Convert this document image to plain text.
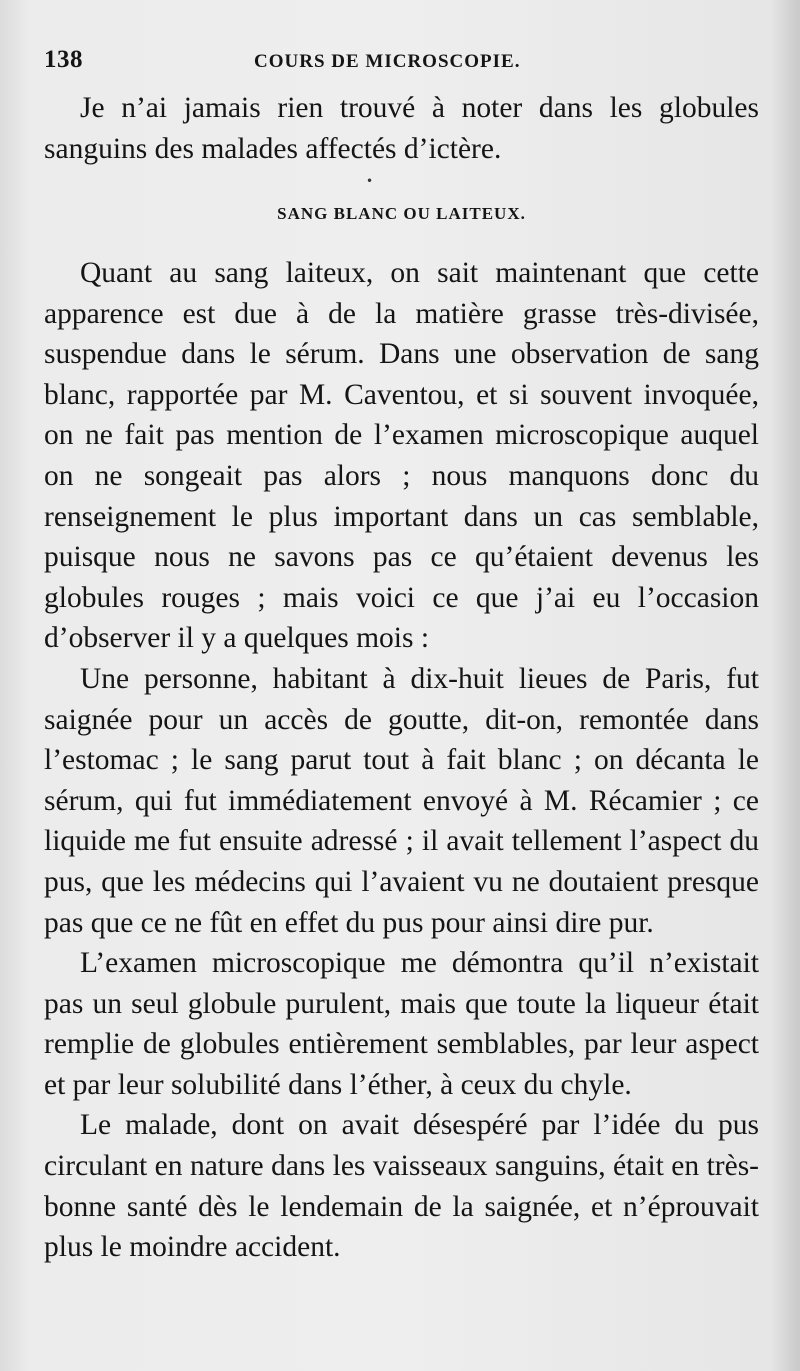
138	COURS DE MICROSCOPIE.

Je n’ai jamais rien trouvé à noter dans les globules sanguins des malades affectés d’ictère.

•
SANG BLANC OU LAITEUX.

Quant au sang laiteux, on sait maintenant que cette apparence est due à de la matière grasse très-divisée, suspendue dans le sérum. Dans une observation de sang blanc, rapportée par M. Caventou, et si souvent invoquée, on ne fait pas mention de l’examen microscopique auquel on ne songeait pas alors ; nous manquons donc du renseignement le plus important dans un cas semblable, puisque nous ne savons pas ce qu’étaient devenus les globules rouges ; mais voici ce que j’ai eu l’occasion d’observer il y a quelques mois :

Une personne, habitant à dix-huit lieues de Paris, fut saignée pour un accès de goutte, dit-on, remontée dans l’estomac ; le sang parut tout à fait blanc ; on décanta le sérum, qui fut immédiatement envoyé à M. Récamier ; ce liquide me fut ensuite adressé ; il avait tellement l’aspect du pus, que les médecins qui l’avaient vu ne doutaient presque pas que ce ne fût en effet du pus pour ainsi dire pur.

L’examen microscopique me démontra qu’il n’existait pas un seul globule purulent, mais que toute la liqueur était remplie de globules entièrement semblables, par leur aspect et par leur solubilité dans l’éther, à ceux du chyle.

Le malade, dont on avait désespéré par l’idée du pus circulant en nature dans les vaisseaux sanguins, était en très-bonne santé dès le lendemain de la saignée, et n’éprouvait plus le moindre accident.
